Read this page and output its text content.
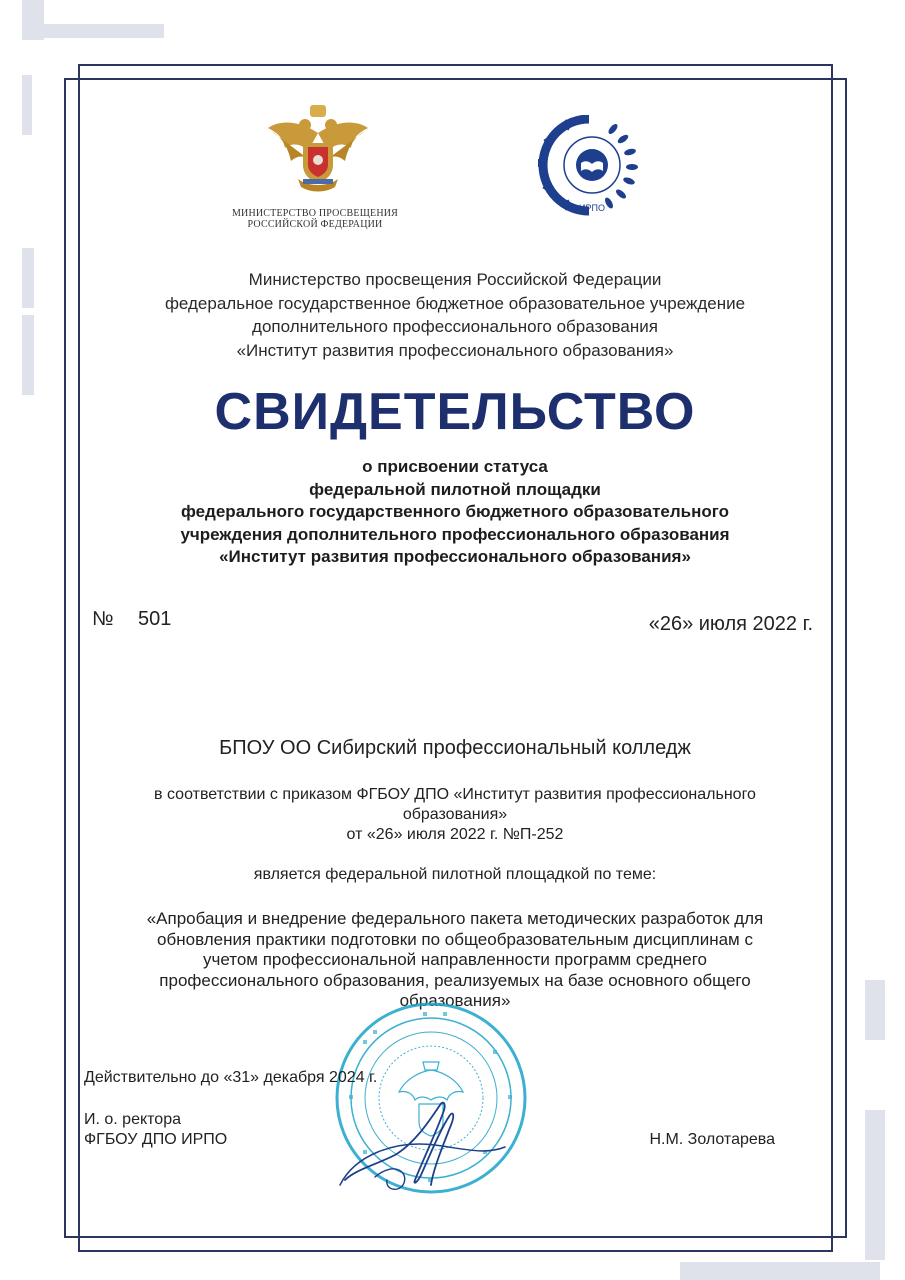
МИНИСТЕРСТВО ПРОСВЕЩЕНИЯ
РОССИЙСКОЙ ФЕДЕРАЦИИ
ИРПО
Министерство просвещения Российской Федерации
федеральное государственное бюджетное образовательное учреждение
дополнительного профессионального образования
«Институт развития профессионального образования»
СВИДЕТЕЛЬСТВО
о присвоении статуса
федеральной пилотной площадки
федерального государственного бюджетного образовательного
учреждения дополнительного профессионального образования
«Институт развития профессионального образования»
№ 501	«26» июля 2022 г.
БПОУ ОО Сибирский профессиональный колледж
в соответствии с приказом ФГБОУ ДПО «Институт развития профессионального
образования»
от «26» июля 2022 г. №П-252
является федеральной пилотной площадкой по теме:
«Апробация и внедрение федерального пакета методических разработок для
обновления практики подготовки по общеобразовательным дисциплинам с
учетом профессиональной направленности программ среднего
профессионального образования, реализуемых на базе основного общего
образования»
Действительно до «31» декабря 2024 г.
И. о. ректора
ФГБОУ ДПО ИРПО	Н.М. Золотарева
